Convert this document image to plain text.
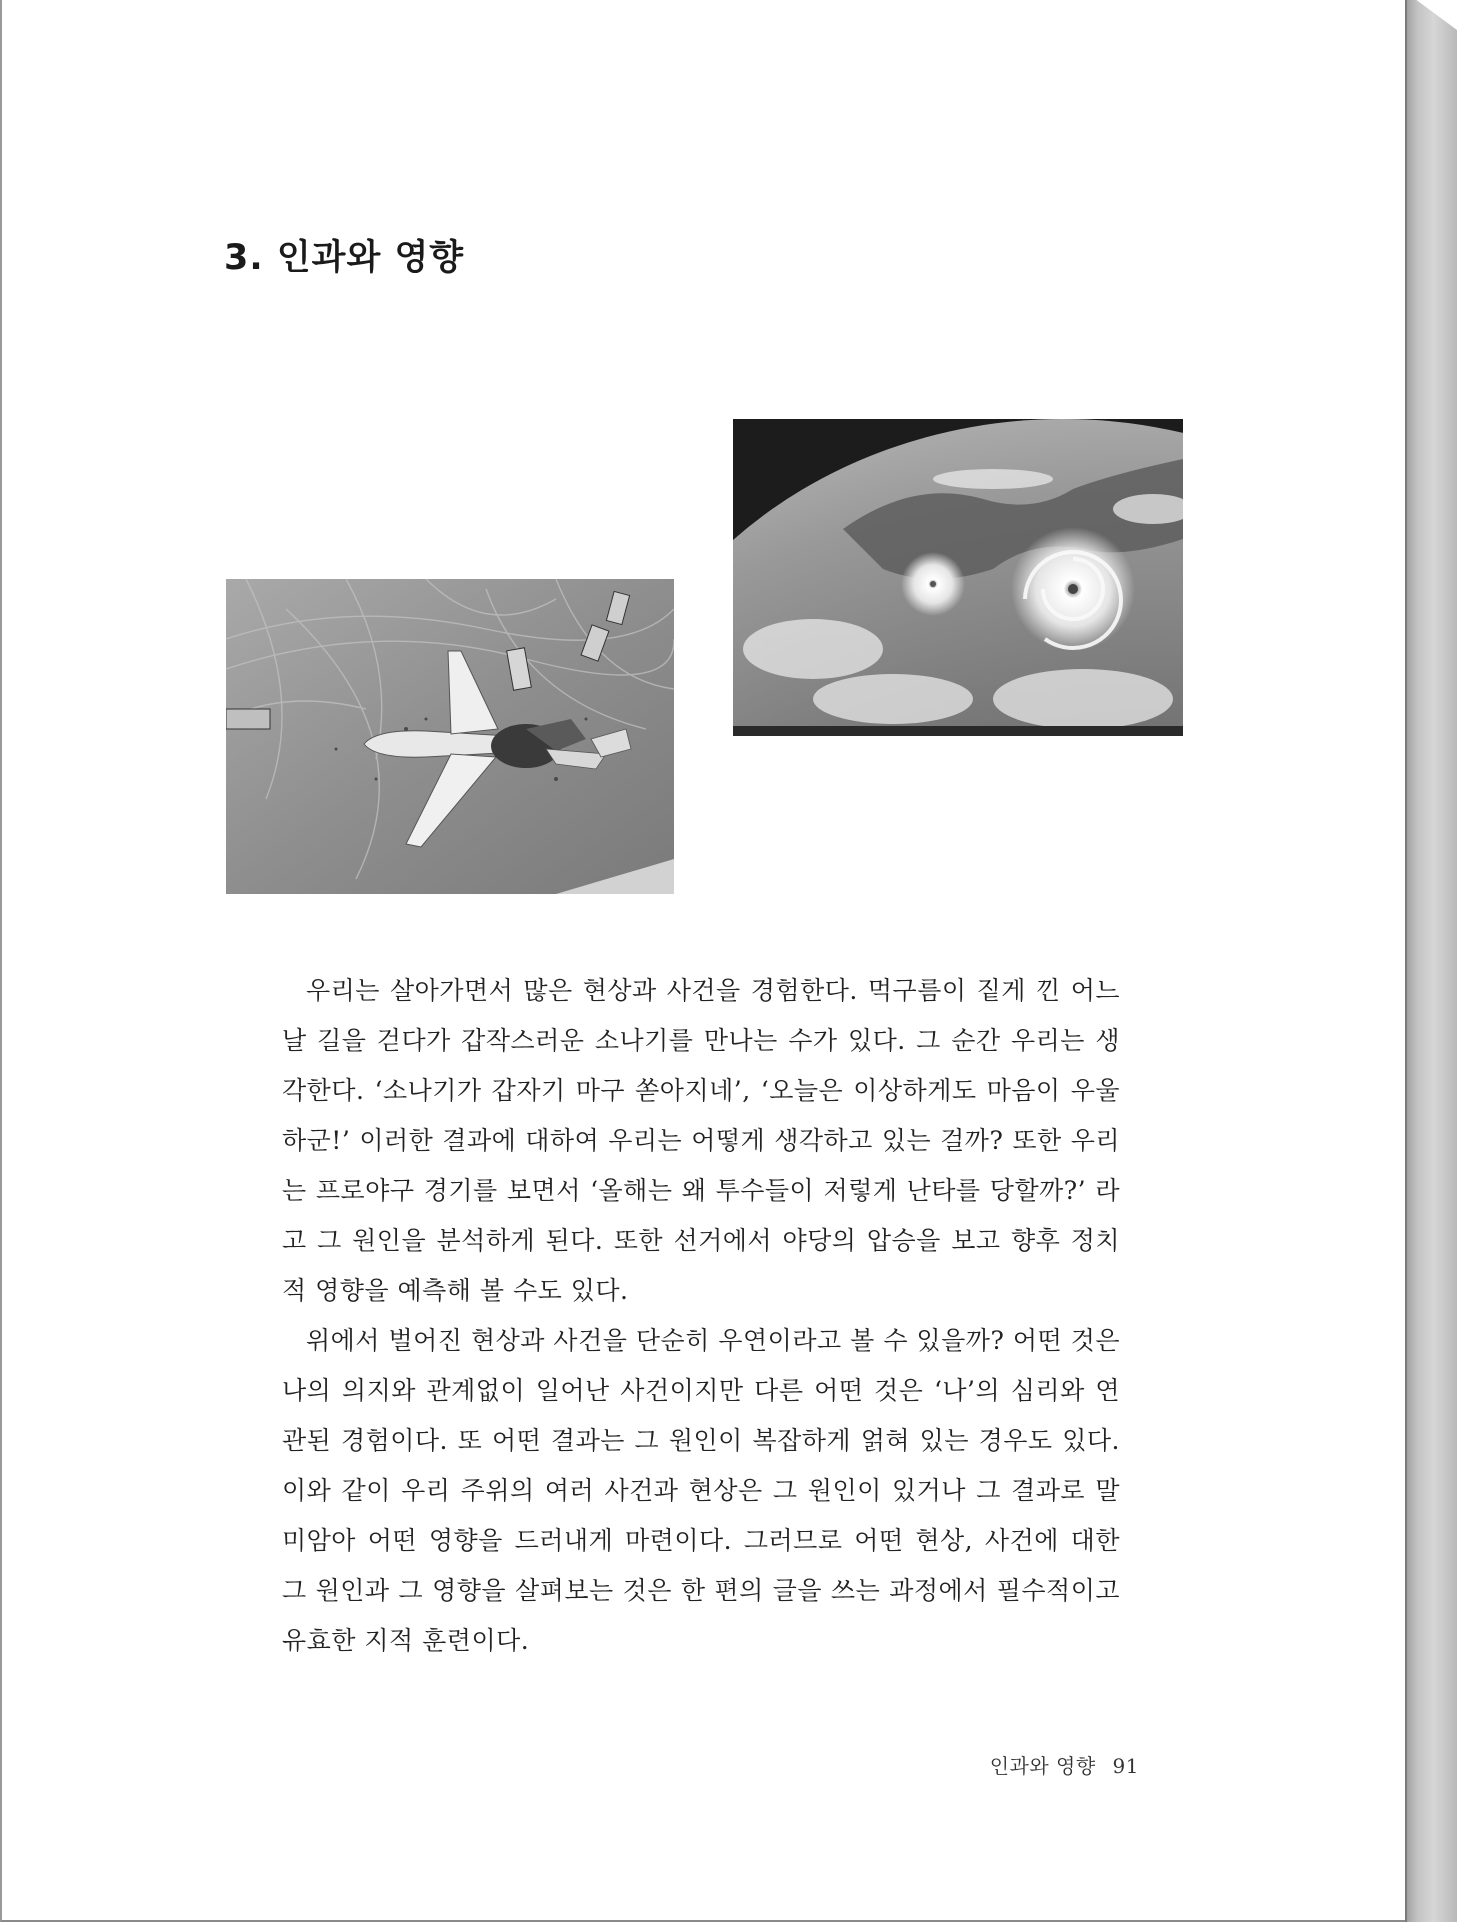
3. 인과와 영향

우리는 살아가면서 많은 현상과 사건을 경험한다. 먹구름이 짙게 낀 어느 날 길을 걷다가 갑작스러운 소나기를 만나는 수가 있다. 그 순간 우리는 생각한다. ‘소나기가 갑자기 마구 쏟아지네’, ‘오늘은 이상하게도 마음이 우울하군!’ 이러한 결과에 대하여 우리는 어떻게 생각하고 있는 걸까? 또한 우리는 프로야구 경기를 보면서 ‘올해는 왜 투수들이 저렇게 난타를 당할까?’ 라고 그 원인을 분석하게 된다. 또한 선거에서 야당의 압승을 보고 향후 정치적 영향을 예측해 볼 수도 있다.

위에서 벌어진 현상과 사건을 단순히 우연이라고 볼 수 있을까? 어떤 것은 나의 의지와 관계없이 일어난 사건이지만 다른 어떤 것은 ‘나’의 심리와 연관된 경험이다. 또 어떤 결과는 그 원인이 복잡하게 얽혀 있는 경우도 있다. 이와 같이 우리 주위의 여러 사건과 현상은 그 원인이 있거나 그 결과로 말미암아 어떤 영향을 드러내게 마련이다. 그러므로 어떤 현상, 사건에 대한 그 원인과 그 영향을 살펴보는 것은 한 편의 글을 쓰는 과정에서 필수적이고 유효한 지적 훈련이다.

인과와 영향 91
